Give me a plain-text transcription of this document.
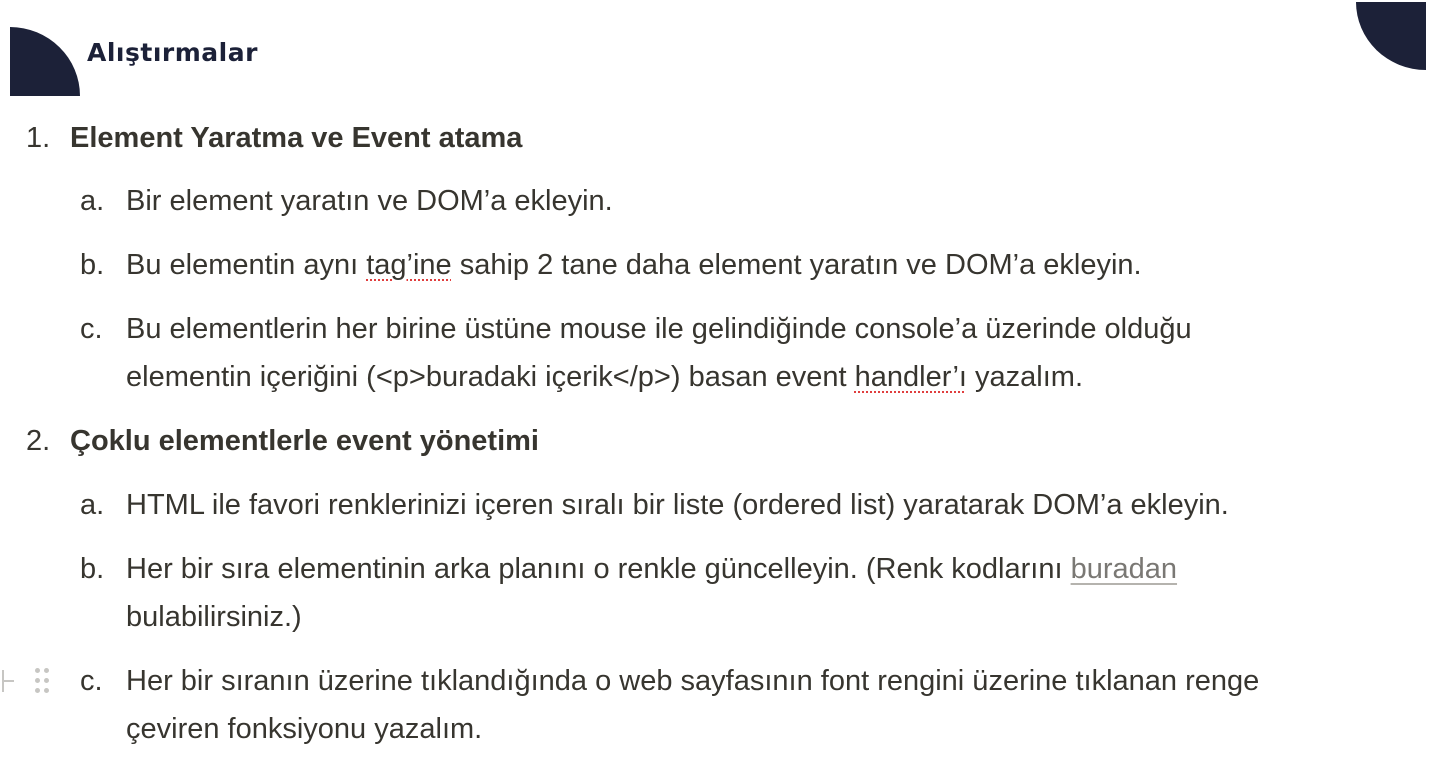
Alıştırmalar
1. Element Yaratma ve Event atama
a. Bir element yaratın ve DOM’a ekleyin.
b. Bu elementin aynı tag’ine sahip 2 tane daha element yaratın ve DOM’a ekleyin.
c. Bu elementlerin her birine üstüne mouse ile gelindiğinde console’a üzerinde olduğu
elementin içeriğini (<p>buradaki içerik</p>) basan event handler’ı yazalım.
2. Çoklu elementlerle event yönetimi
a. HTML ile favori renklerinizi içeren sıralı bir liste (ordered list) yaratarak DOM’a ekleyin.
b. Her bir sıra elementinin arka planını o renkle güncelleyin. (Renk kodlarını buradan
bulabilirsiniz.)
c. Her bir sıranın üzerine tıklandığında o web sayfasının font rengini üzerine tıklanan renge
çeviren fonksiyonu yazalım.
